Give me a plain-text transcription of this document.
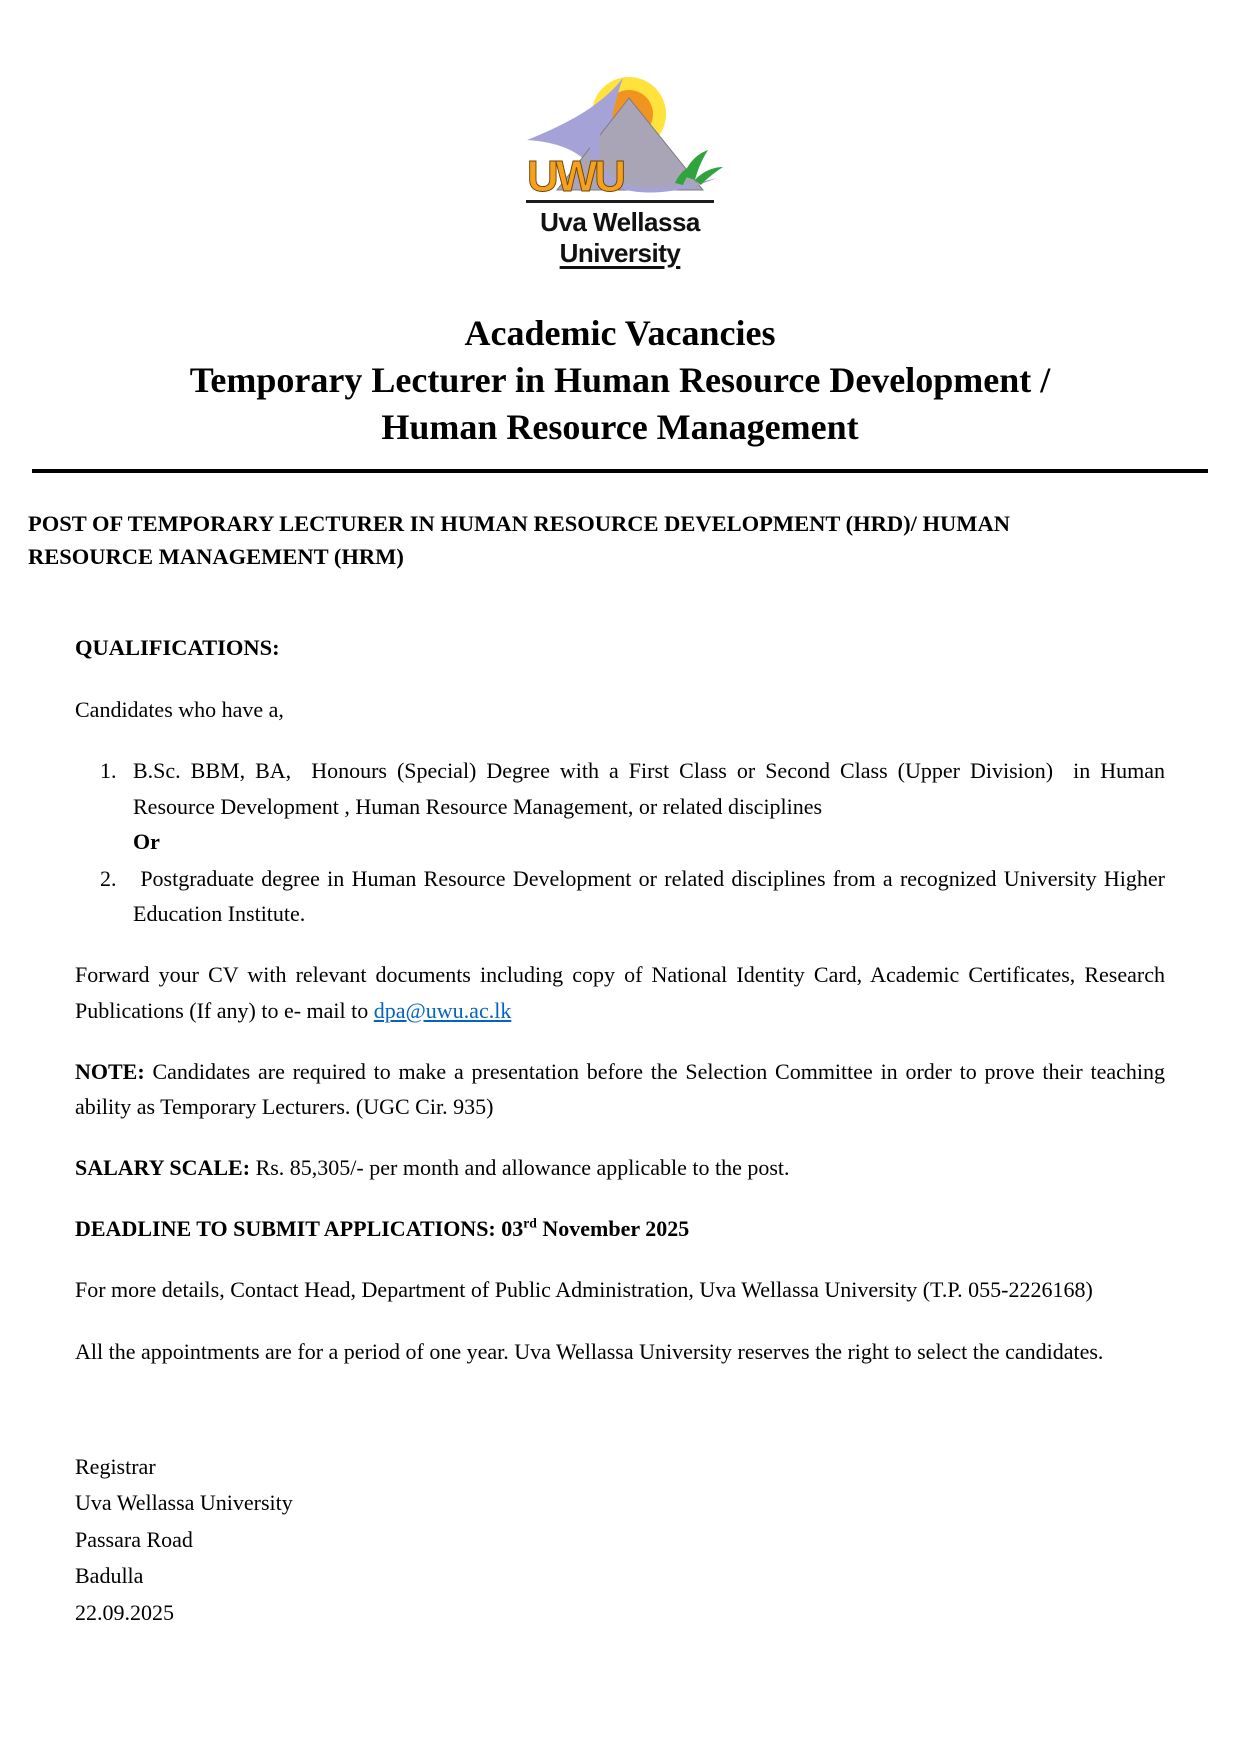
UWU
Uva Wellassa
University
Academic Vacancies
Temporary Lecturer in Human Resource Development /
Human Resource Management
POST OF TEMPORARY LECTURER IN HUMAN RESOURCE DEVELOPMENT (HRD)/ HUMAN RESOURCE MANAGEMENT (HRM)
QUALIFICATIONS:
Candidates who have a,
1. B.Sc. BBM, BA,  Honours (Special) Degree with a First Class or Second Class (Upper Division)  in Human Resource Development , Human Resource Management, or related disciplines
Or
2. Postgraduate degree in Human Resource Development or related disciplines from a recognized University Higher Education Institute.
Forward your CV with relevant documents including copy of National Identity Card, Academic Certificates, Research Publications (If any) to e- mail to dpa@uwu.ac.lk
NOTE: Candidates are required to make a presentation before the Selection Committee in order to prove their teaching ability as Temporary Lecturers. (UGC Cir. 935)
SALARY SCALE: Rs. 85,305/- per month and allowance applicable to the post.
DEADLINE TO SUBMIT APPLICATIONS: 03rd November 2025
For more details, Contact Head, Department of Public Administration, Uva Wellassa University (T.P. 055-2226168)
All the appointments are for a period of one year. Uva Wellassa University reserves the right to select the candidates.
Registrar
Uva Wellassa University
Passara Road
Badulla
22.09.2025
